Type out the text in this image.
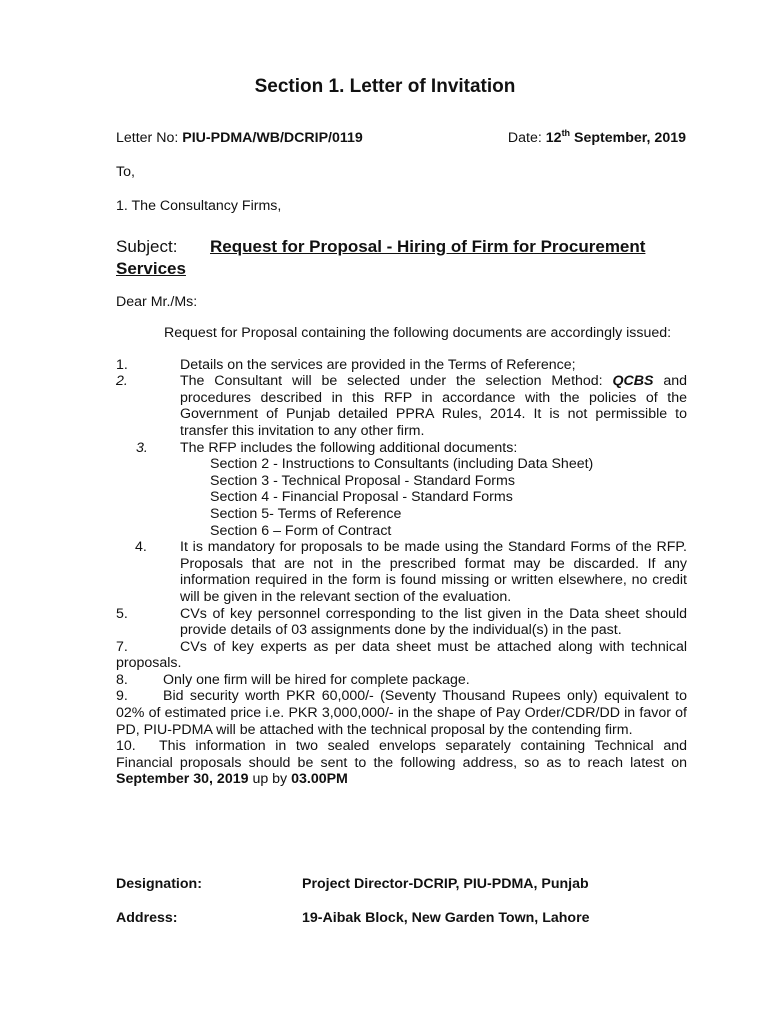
Section 1. Letter of Invitation
Letter No: PIU-PDMA/WB/DCRIP/0119	Date: 12th September, 2019
To,
1. The Consultancy Firms,
Subject: Request for Proposal - Hiring of Firm for Procurement Services
Dear Mr./Ms:
Request for Proposal containing the following documents are accordingly issued:
1.	Details on the services are provided in the Terms of Reference;
2.	The Consultant will be selected under the selection Method: QCBS and procedures described in this RFP in accordance with the policies of the Government of Punjab detailed PPRA Rules, 2014. It is not permissible to transfer this invitation to any other firm.
3. The RFP includes the following additional documents:
Section 2 - Instructions to Consultants (including Data Sheet)
Section 3 - Technical Proposal - Standard Forms
Section 4 - Financial Proposal - Standard Forms
Section 5- Terms of Reference
Section 6 – Form of Contract
4. It is mandatory for proposals to be made using the Standard Forms of the RFP. Proposals that are not in the prescribed format may be discarded. If any information required in the form is found missing or written elsewhere, no credit will be given in the relevant section of the evaluation.
5.	CVs of key personnel corresponding to the list given in the Data sheet should provide details of 03 assignments done by the individual(s) in the past.
7.	CVs of key experts as per data sheet must be attached along with technical proposals.
8. Only one firm will be hired for complete package.
9. Bid security worth PKR 60,000/- (Seventy Thousand Rupees only) equivalent to 02% of estimated price i.e. PKR 3,000,000/- in the shape of Pay Order/CDR/DD in favor of PD, PIU-PDMA will be attached with the technical proposal by the contending firm.
10. This information in two sealed envelops separately containing Technical and Financial proposals should be sent to the following address, so as to reach latest on September 30, 2019 up by 03.00PM
Designation:	Project Director-DCRIP, PIU-PDMA, Punjab
Address:	19-Aibak Block, New Garden Town, Lahore
